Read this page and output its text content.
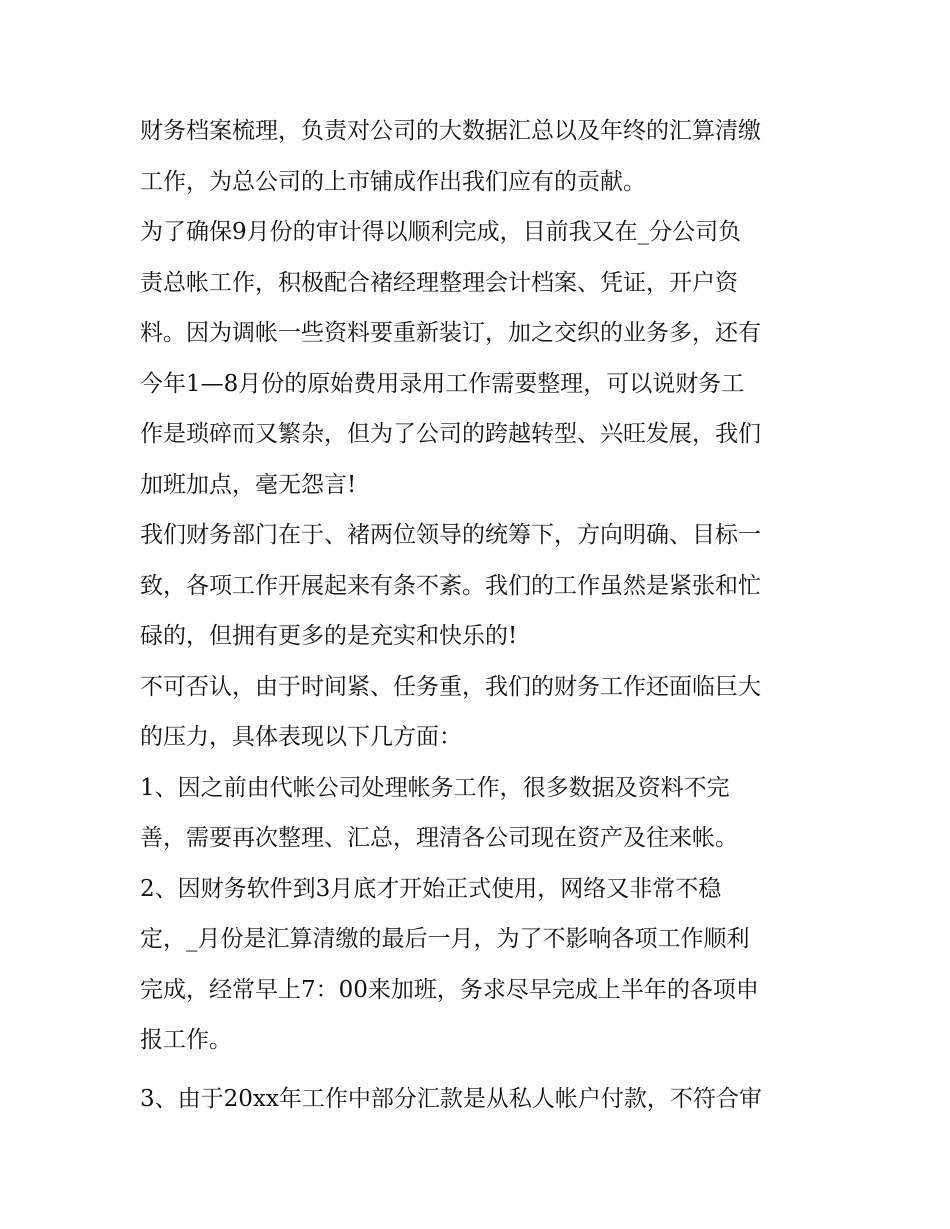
财务档案梳理，负责对公司的大数据汇总以及年终的汇算清缴
工作，为总公司的上市铺成作出我们应有的贡献。
为了确保9月份的审计得以顺利完成，目前我又在_分公司负
责总帐工作，积极配合褚经理整理会计档案、凭证，开户资
料。因为调帐一些资料要重新装订，加之交织的业务多，还有
今年1—8月份的原始费用录用工作需要整理，可以说财务工
作是琐碎而又繁杂，但为了公司的跨越转型、兴旺发展，我们
加班加点，毫无怨言!
我们财务部门在于、褚两位领导的统筹下，方向明确、目标一
致，各项工作开展起来有条不紊。我们的工作虽然是紧张和忙
碌的，但拥有更多的是充实和快乐的!
不可否认，由于时间紧、任务重，我们的财务工作还面临巨大
的压力，具体表现以下几方面：
1、因之前由代帐公司处理帐务工作，很多数据及资料不完
善，需要再次整理、汇总，理清各公司现在资产及往来帐。
2、因财务软件到3月底才开始正式使用，网络又非常不稳
定，_月份是汇算清缴的最后一月，为了不影响各项工作顺利
完成，经常早上7：00来加班，务求尽早完成上半年的各项申
报工作。
3、由于20xx年工作中部分汇款是从私人帐户付款，不符合审
